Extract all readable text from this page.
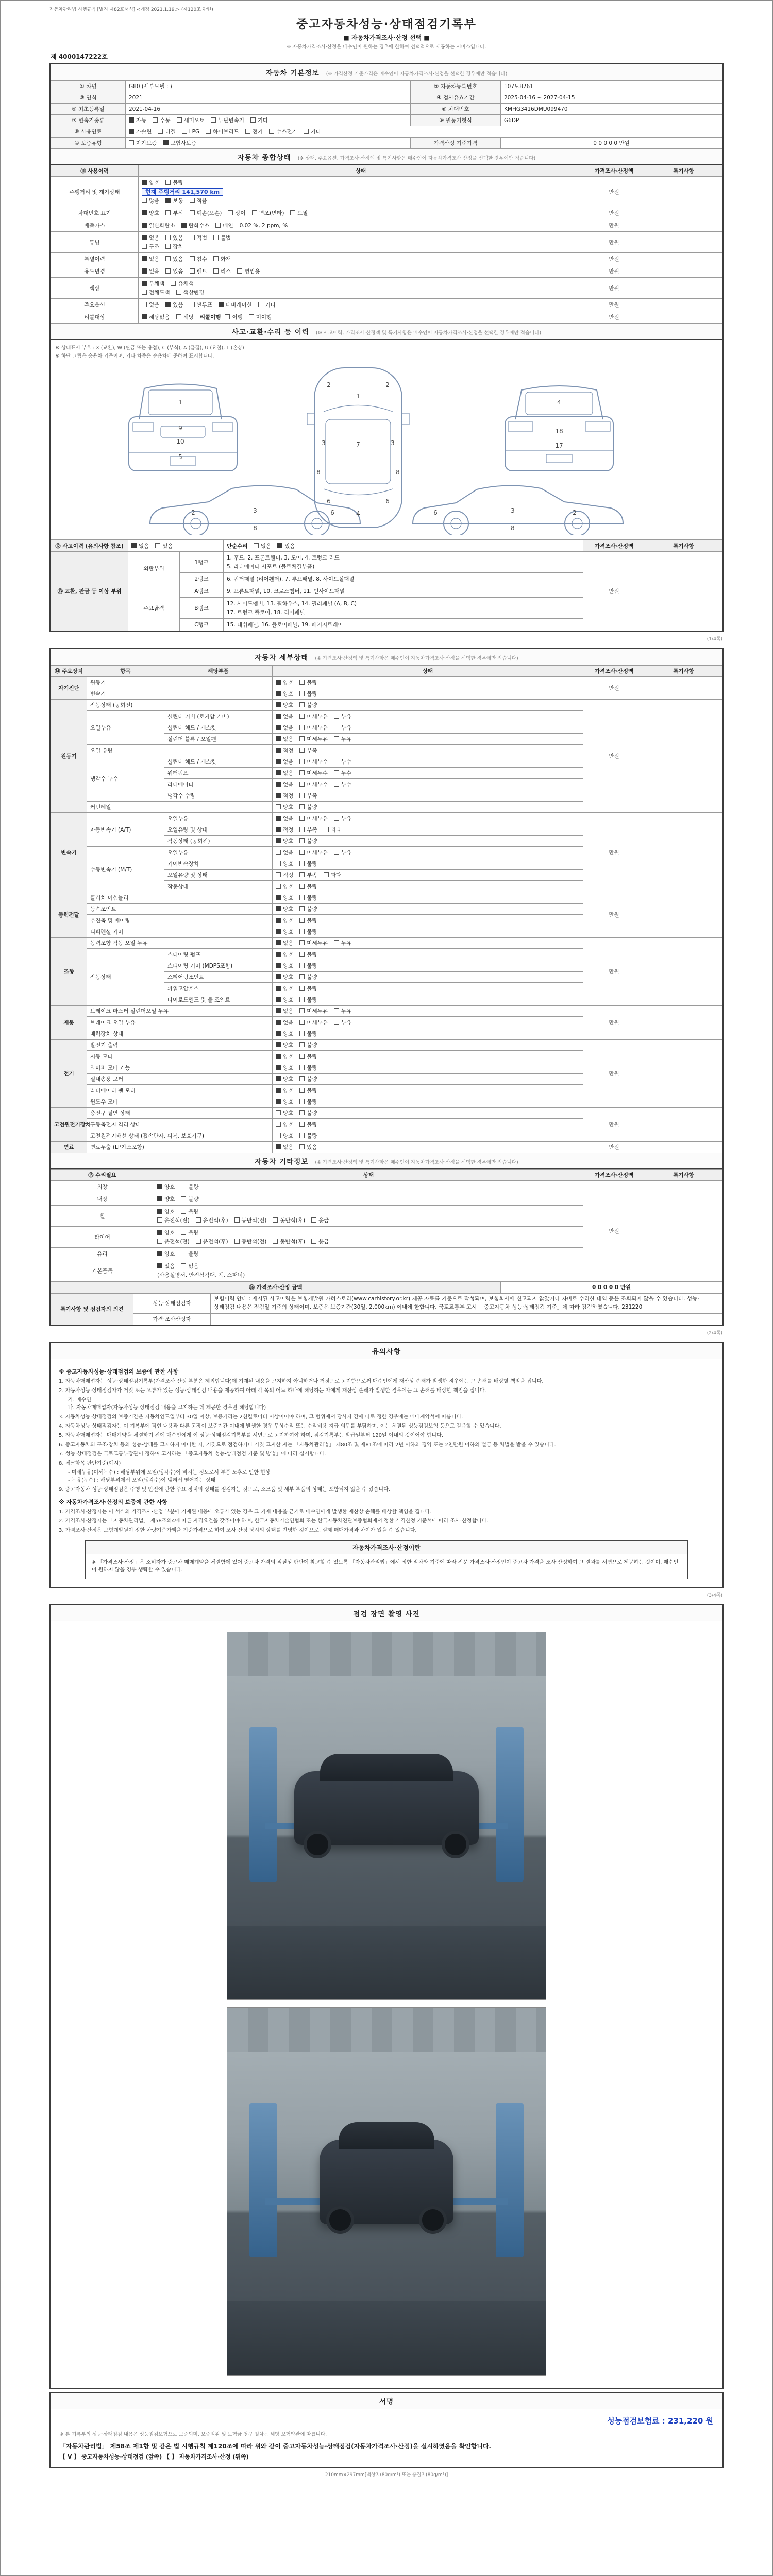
자동차관리법 시행규칙 [별지 제82호서식] <개정 2021.1.19.> (제120조 관련)
중고자동차성능·상태점검기록부
■ 자동차가격조사·산정 선택 ■
※ 자동차가격조사·산정은 매수인이 원하는 경우에 한하여 선택적으로 제공하는 서비스입니다.
제 4000147222호
자동차 기본정보 (※ 가격산정 기준가격은 매수인이 자동차가격조사·산정을 선택한 경우에만 적습니다)
① 차명	G80 (세부모델 : )	② 자동차등록번호	107모8761
③ 연식	2021	④ 검사유효기간	2025-04-16 ~ 2027-04-15
⑤ 최초등록일	2021-04-16	⑥ 차대번호	KMHG3416DMU099470
⑦ 변속기종류	자동 수동 세미오토 무단변속기 기타	⑨ 원동기형식	G6DP
⑧ 사용연료	가솔린 디젤 LPG 하이브리드 전기 수소전기 기타		
⑩ 보증유형	자가보증 보험사보증	가격산정 기준가격	0 0 0 0 0 만원
자동차 종합상태 (※ 상태, 주요옵션, 가격조사·산정액 및 특기사항은 매수인이 자동차가격조사·산정을 선택한 경우에만 적습니다)
⑪ 사용이력	상태	가격조사·산정액	특기사항
주행거리 및 계기상태	양호 불량
현재 주행거리 141,570 km
많음 보통 적음	만원	
차대번호 표기	양호 부식 훼손(오손) 상이 변조(변타) 도말	만원	
배출가스	일산화탄소 탄화수소 매연 0.02 %, 2 ppm, %	만원	
튜닝	없음 있음 적법 불법
구조 장치	만원	
특별이력	없음 있음 침수 화재	만원	
용도변경	없음 있음 렌트 리스 영업용	만원	
색상	무채색 유채색
전체도색 색상변경	만원	
주요옵션	없음 있음 썬루프 네비게이션 기타	만원	
리콜대상	해당없음 해당 리콜이행 이행 미이행	만원	
사고·교환·수리 등 이력 (※ 사고이력, 가격조사·산정액 및 특기사항은 매수인이 자동차가격조사·산정을 선택한 경우에만 적습니다)
※ 상태표시 부호 : X (교환), W (판금 또는 용접), C (부식), A (흠집), U (요철), T (손상)
※ 하단 그림은 승용차 기준이며, 기타 차종은 승용차에 준하여 표시합니다.
1
9
10
5
2	2
1
3	7	3
8	8
6	6
4
4
18
17
2	3	6
8
2
3
6
8
⑫ 사고이력 (유의사항 참조)	없음 있음		단순수리 없음 있음	가격조사·산정액	특기사항
⑬ 교환, 판금 등 이상 부위	외판부위	1랭크	1. 후드, 2. 프론트휀더, 3. 도어, 4. 트렁크 리드
5. 라디에이터 서포트 (볼트체결부품)	만원	
		2랭크	6. 쿼터패널 (리어휀더), 7. 루프패널, 8. 사이드실패널		

	주요골격	A랭크	9. 프론트패널, 10. 크로스멤버, 11. 인사이드패널		

		B랭크	12. 사이드멤버, 13. 휠하우스, 14. 필러패널 (A, B, C)
17. 트렁크 플로어, 18. 리어패널		

		C랭크	15. 대쉬패널, 16. 플로어패널, 19. 패키지트레이		
(1/4쪽)
자동차 세부상태 (※ 가격조사·산정액 및 특기사항은 매수인이 자동차가격조사·산정을 선택한 경우에만 적습니다)
⑭ 주요장치	항목	해당부품	상태	가격조사·산정액	특기사항
자기진단	원동기		양호 불량	만원	
	변속기		양호 불량		
원동기	작동상태 (공회전)		양호 불량	만원	
	오일누유	실린더 커버 (로커암 커버)	없음 미세누유 누유		
		실린더 헤드 / 개스킷	없음 미세누유 누유		
		실린더 블록 / 오일팬	없음 미세누유 누유		
	오일 유량		적정 부족		
	냉각수 누수	실린더 헤드 / 개스킷	없음 미세누수 누수		
		워터펌프	없음 미세누수 누수		
		라디에이터	없음 미세누수 누수		
		냉각수 수량	적정 부족		
	커먼레일		양호 불량		
변속기	자동변속기 (A/T)	오일누유	없음 미세누유 누유	만원	
		오일유량 및 상태	적정 부족 과다		
		작동상태 (공회전)	양호 불량		
	수동변속기 (M/T)	오일누유	없음 미세누유 누유		
		기어변속장치	양호 불량		
		오일유량 및 상태	적정 부족 과다		
		작동상태	양호 불량		
동력전달	클러치 어셈블리		양호 불량	만원	
	등속조인트		양호 불량		
	추진축 및 베어링		양호 불량		
	디퍼렌셜 기어		양호 불량		
조향	동력조향 작동 오일 누유		없음 미세누유 누유	만원	
	작동상태	스티어링 펌프	양호 불량		
		스티어링 기어 (MDPS포함)	양호 불량		
		스티어링조인트	양호 불량		
		파워고압호스	양호 불량		
		타이로드엔드 및 볼 조인트	양호 불량		
제동	브레이크 마스터 실린더오일 누유		없음 미세누유 누유	만원	
	브레이크 오일 누유		없음 미세누유 누유		
	배력장치 상태		양호 불량		
전기	발전기 출력		양호 불량	만원	
	시동 모터		양호 불량		
	와이퍼 모터 기능		양호 불량		
	실내송풍 모터		양호 불량		
	라디에이터 팬 모터		양호 불량		
	윈도우 모터		양호 불량		
고전원전기장치	충전구 절연 상태		양호 불량	만원	
	구동축전지 격리 상태		양호 불량		
	고전원전기배선 상태 (접속단자, 피복, 보호기구)		양호 불량		
연료	연료누출 (LP가스포함)		없음 있음	만원	
자동차 기타정보 (※ 가격조사·산정액 및 특기사항은 매수인이 자동차가격조사·산정을 선택한 경우에만 적습니다)
⑮ 수리필요	상태	가격조사·산정액	특기사항
외장	양호 불량	만원	
내장	양호 불량		

휠	양호 불량
운전석(전) 운전석(후) 동반석(전) 동반석(후) 응급		

타이어	양호 불량
운전석(전) 운전석(후) 동반석(전) 동반석(후) 응급		

유리	양호 불량		

기본품목	있음 없음
(사용설명서, 안전삼각대, 잭, 스패너)		
⑯ 가격조사·산정 금액	0 0 0 0 0 만원
특기사항 및 점검자의 의견	성능·상태점검자	보험이력 안내 : 제시된 사고이력은 보험개발원 카히스토리(www.carhistory.or.kr) 제공 자료를 기준으로 작성되며, 보험회사에 신고되지 않았거나 자비로 수리한 내역 등은 조회되지 않을 수 있습니다. 성능·상태점검 내용은 점검일 기준의 상태이며, 보증은 보증기간(30일, 2,000km) 이내에 한합니다. 국토교통부 고시 「중고자동차 성능·상태점검 기준」에 따라 점검하였습니다. 231220
	가격·조사산정자	
(2/4쪽)
유의사항
※ 중고자동차성능·상태점검의 보증에 관한 사항
1. 자동차매매업자는 성능·상태점검기록부(가격조사·산정 부분은 제외합니다)에 기재된 내용을 고지하지 아니하거나 거짓으로 고지함으로써 매수인에게 재산상 손해가 발생한 경우에는 그 손해를 배상할 책임을 집니다.
2. 자동차성능·상태점검자가 거짓 또는 오류가 있는 성능·상태점검 내용을 제공하여 아래 각 목의 어느 하나에 해당하는 자에게 재산상 손해가 발생한 경우에는 그 손해를 배상할 책임을 집니다.
가. 매수인
나. 자동차매매업자(자동차성능·상태점검 내용을 고지하는 데 제공한 경우만 해당합니다)
3. 자동차성능·상태점검의 보증기간은 자동차인도일부터 30일 이상, 보증거리는 2천킬로미터 이상이어야 하며, 그 범위에서 당사자 간에 따로 정한 경우에는 매매계약서에 따릅니다.
4. 자동차성능·상태점검자는 이 기록부에 적힌 내용과 다른 고장이 보증기간 이내에 발생한 경우 무상수리 또는 수리비용 지급 의무를 부담하며, 이는 체결된 성능점검보험 등으로 갈음할 수 있습니다.
5. 자동차매매업자는 매매계약을 체결하기 전에 매수인에게 이 성능·상태점검기록부를 서면으로 고지하여야 하며, 점검기록부는 발급일부터 120일 이내의 것이어야 합니다.
6. 중고자동차의 구조·장치 등의 성능·상태를 고지하지 아니한 자, 거짓으로 점검하거나 거짓 고지한 자는 「자동차관리법」 제80조 및 제81조에 따라 2년 이하의 징역 또는 2천만원 이하의 벌금 등 처벌을 받을 수 있습니다.
7. 성능·상태점검은 국토교통부장관이 정하여 고시하는 「중고자동차 성능·상태점검 기준 및 방법」에 따라 실시합니다.
8. 체크항목 판단기준(예시)
- 미세누유(미세누수) : 해당부위에 오일(냉각수)이 비치는 정도로서 부품 노후로 인한 현상
- 누유(누수) : 해당부위에서 오일(냉각수)이 맺혀서 떨어지는 상태
9. 중고자동차 성능·상태점검은 주행 및 안전에 관한 주요 장치의 상태를 점검하는 것으로, 소모품 및 세부 부품의 상태는 포함되지 않을 수 있습니다.
※ 자동차가격조사·산정의 보증에 관한 사항
1. 가격조사·산정자는 이 서식의 가격조사·산정 부분에 기재된 내용에 오류가 있는 경우 그 기재 내용을 근거로 매수인에게 발생한 재산상 손해를 배상할 책임을 집니다.
2. 가격조사·산정자는 「자동차관리법」 제58조의4에 따른 자격요건을 갖추어야 하며, 한국자동차기술인협회 또는 한국자동차진단보증협회에서 정한 가격산정 기준서에 따라 조사·산정합니다.
3. 가격조사·산정은 보험개발원이 정한 차량기준가액을 기준가격으로 하여 조사·산정 당시의 상태를 반영한 것이므로, 실제 매매가격과 차이가 있을 수 있습니다.
자동차가격조사·산정이란
※ 「가격조사·산정」은 소비자가 중고차 매매계약을 체결함에 있어 중고차 가격의 적절성 판단에 참고할 수 있도록 「자동차관리법」에서 정한 절차와 기준에 따라 전문 가격조사·산정인이 중고차 가격을 조사·산정하여 그 결과를 서면으로 제공하는 것이며, 매수인이 원하지 않을 경우 생략할 수 있습니다.
(3/4쪽)
점검 장면 촬영 사진
서명
성능점검보험료 : 231,220 원
※ 본 기록부의 성능·상태점검 내용은 성능점검보험으로 보증되며, 보증범위 및 보험금 청구 절차는 해당 보험약관에 따릅니다.
「자동차관리법」 제58조 제1항 및 같은 법 시행규칙 제120조에 따라 위와 같이 중고자동차성능·상태점검(자동차가격조사·산정)을 실시하였음을 확인합니다.
【 V 】 중고자동차성능·상태점검 (앞쪽) 【 】 자동차가격조사·산정 (뒤쪽)
210mm×297mm[백상지(80g/m²) 또는 중질지(80g/m²)]
